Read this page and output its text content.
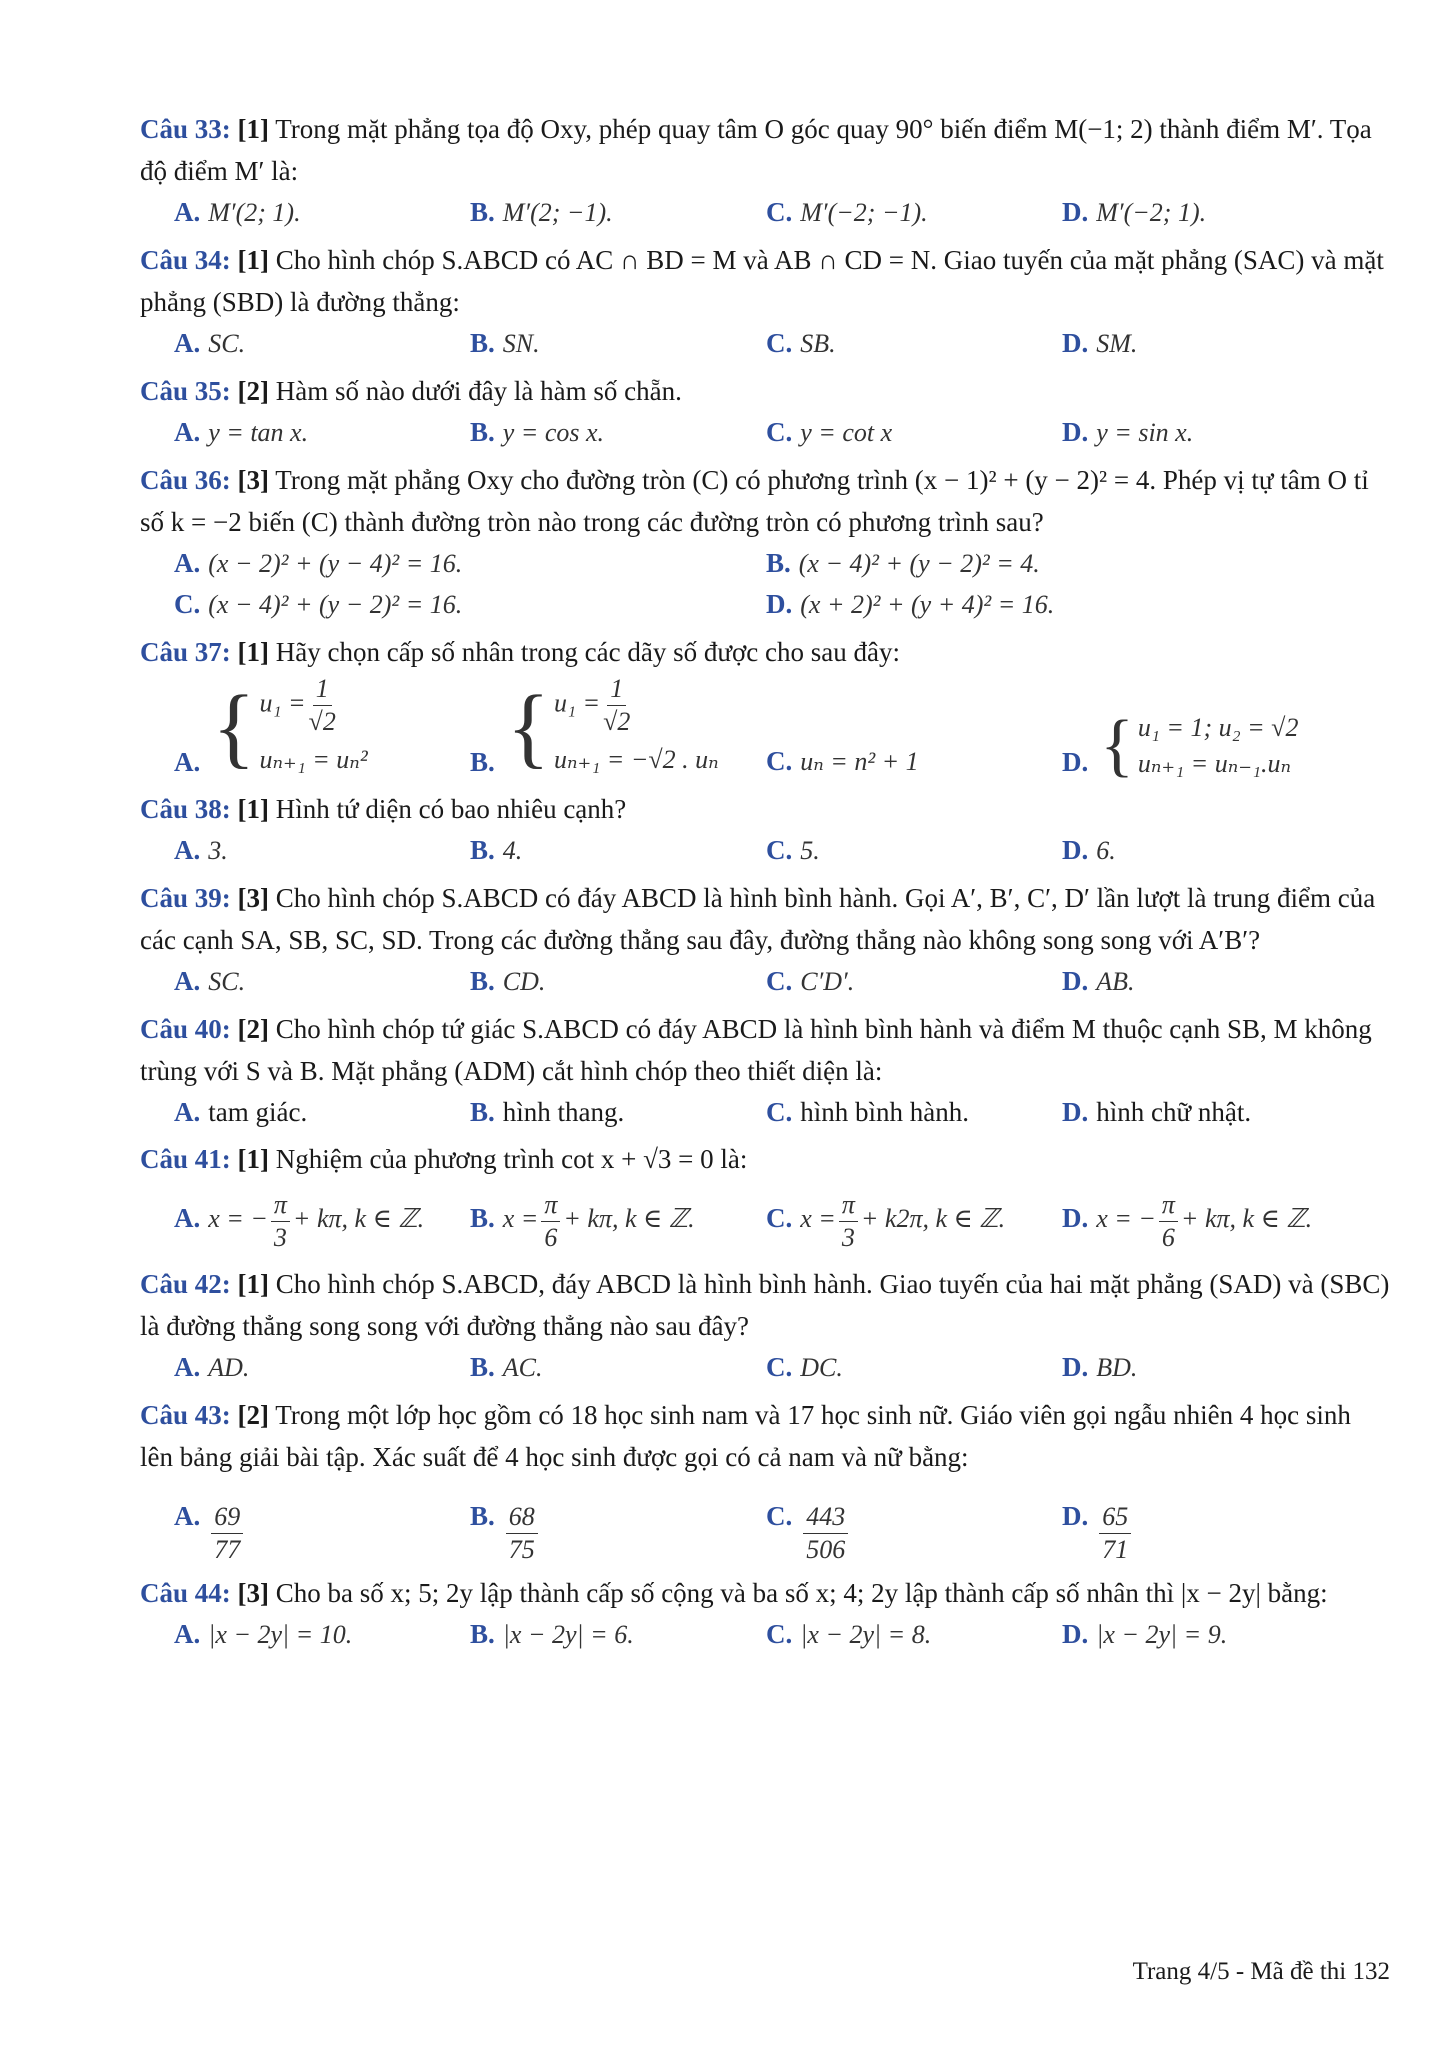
Câu 33: [1] Trong mặt phẳng tọa độ Oxy, phép quay tâm O góc quay 90° biến điểm M(−1; 2) thành điểm M′. Tọa độ điểm M′ là:
A. M′(2; 1).	B. M′(2; −1).	C. M′(−2; −1).	D. M′(−2; 1).
Câu 34: [1] Cho hình chóp S.ABCD có AC ∩ BD = M và AB ∩ CD = N. Giao tuyến của mặt phẳng (SAC) và mặt phẳng (SBD) là đường thẳng:
A. SC.	B. SN.	C. SB.	D. SM.
Câu 35: [2] Hàm số nào dưới đây là hàm số chẵn.
A. y = tan x.	B. y = cos x.	C. y = cot x	D. y = sin x.
Câu 36: [3] Trong mặt phẳng Oxy cho đường tròn (C) có phương trình (x − 1)² + (y − 2)² = 4. Phép vị tự tâm O tỉ số k = −2 biến (C) thành đường tròn nào trong các đường tròn có phương trình sau?
A. (x − 2)² + (y − 4)² = 16.	B. (x − 4)² + (y − 2)² = 4.
C. (x − 4)² + (y − 2)² = 16.	D. (x + 2)² + (y + 4)² = 16.
Câu 37: [1] Hãy chọn cấp số nhân trong các dãy số được cho sau đây:
A. { $u_1 = \frac{1}{√2}$
uₙ₊₁ = uₙ²	B. { $u_1 = \frac{1}{√2}$
uₙ₊₁ = −√2 . uₙ C. uₙ = n² + 1	D. { u₁ = 1; u₂ = √2
uₙ₊₁ = uₙ₋₁.uₙ
Câu 38: [1] Hình tứ diện có bao nhiêu cạnh?
A. 3.	B. 4.	C. 5.	D. 6.
Câu 39: [3] Cho hình chóp S.ABCD có đáy ABCD là hình bình hành. Gọi A′, B′, C′, D′ lần lượt là trung điểm của các cạnh SA, SB, SC, SD. Trong các đường thẳng sau đây, đường thẳng nào không song song với A′B′?
A. SC.	B. CD.	C. C′D′.	D. AB.
Câu 40: [2] Cho hình chóp tứ giác S.ABCD có đáy ABCD là hình bình hành và điểm M thuộc cạnh SB, M không trùng với S và B. Mặt phẳng (ADM) cắt hình chóp theo thiết diện là:
A. tam giác.	B. hình thang.	C. hình bình hành.	D. hình chữ nhật.
Câu 41: [1] Nghiệm của phương trình cot x + √3 = 0 là:
A. x = − $\frac{\pi}{3} + k\pi$, k ∈ ℤ. B. $x = \frac{\pi}{6} + k\pi$, k ∈ ℤ.	C. $x = \frac{\pi}{3} + k2\pi$, k ∈ ℤ. D. x = − $\frac{\pi}{6} + k\pi$, k ∈ ℤ.
Câu 42: [1] Cho hình chóp S.ABCD, đáy ABCD là hình bình hành. Giao tuyến của hai mặt phẳng (SAD) và (SBC) là đường thẳng song song với đường thẳng nào sau đây?
A. AD.	B. AC.	C. DC.	D. BD.
Câu 43: [2] Trong một lớp học gồm có 18 học sinh nam và 17 học sinh nữ. Giáo viên gọi ngẫu nhiên 4 học sinh lên bảng giải bài tập. Xác suất để 4 học sinh được gọi có cả nam và nữ bằng:
A. $\frac{69}{77}$	B. $\frac{68}{75}$	C. $\frac{443}{506}$	D. $\frac{65}{71}$
Câu 44: [3] Cho ba số x; 5; 2y lập thành cấp số cộng và ba số x; 4; 2y lập thành cấp số nhân thì |x − 2y| bằng:
A. |x − 2y| = 10.	B. |x − 2y| = 6.	C. |x − 2y| = 8.	D. |x − 2y| = 9.
Trang 4/5 - Mã đề thi 132
